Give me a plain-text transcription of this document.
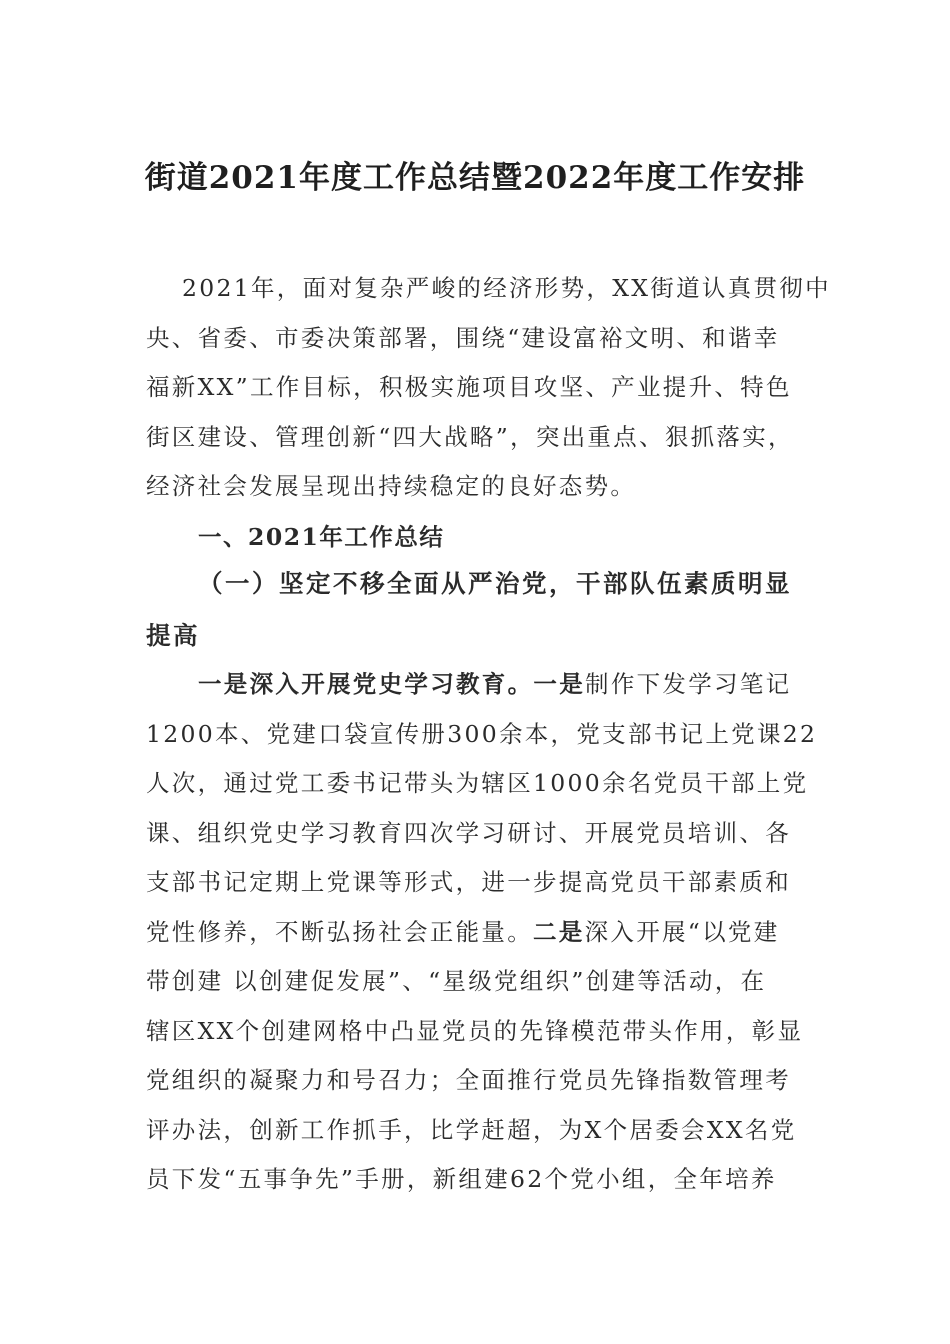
街道2021年度工作总结暨2022年度工作安排
2021年，面对复杂严峻的经济形势，XX街道认真贯彻中
央、省委、市委决策部署，围绕“建设富裕文明、和谐幸
福新XX”工作目标，积极实施项目攻坚、产业提升、特色
街区建设、管理创新“四大战略”，突出重点、狠抓落实，
经济社会发展呈现出持续稳定的良好态势。
一、2021年工作总结
（一）坚定不移全面从严治党，干部队伍素质明显提高
一是深入开展党史学习教育。一是制作下发学习笔记
1200本、党建口袋宣传册300余本，党支部书记上党课22
人次，通过党工委书记带头为辖区1000余名党员干部上党
课、组织党史学习教育四次学习研讨、开展党员培训、各
支部书记定期上党课等形式，进一步提高党员干部素质和
党性修养，不断弘扬社会正能量。二是深入开展“以党建
带创建 以创建促发展”、“星级党组织”创建等活动，在
辖区XX个创建网格中凸显党员的先锋模范带头作用，彰显
党组织的凝聚力和号召力；全面推行党员先锋指数管理考
评办法，创新工作抓手，比学赶超，为X个居委会XX名党
员下发“五事争先”手册，新组建62个党小组，全年培养
